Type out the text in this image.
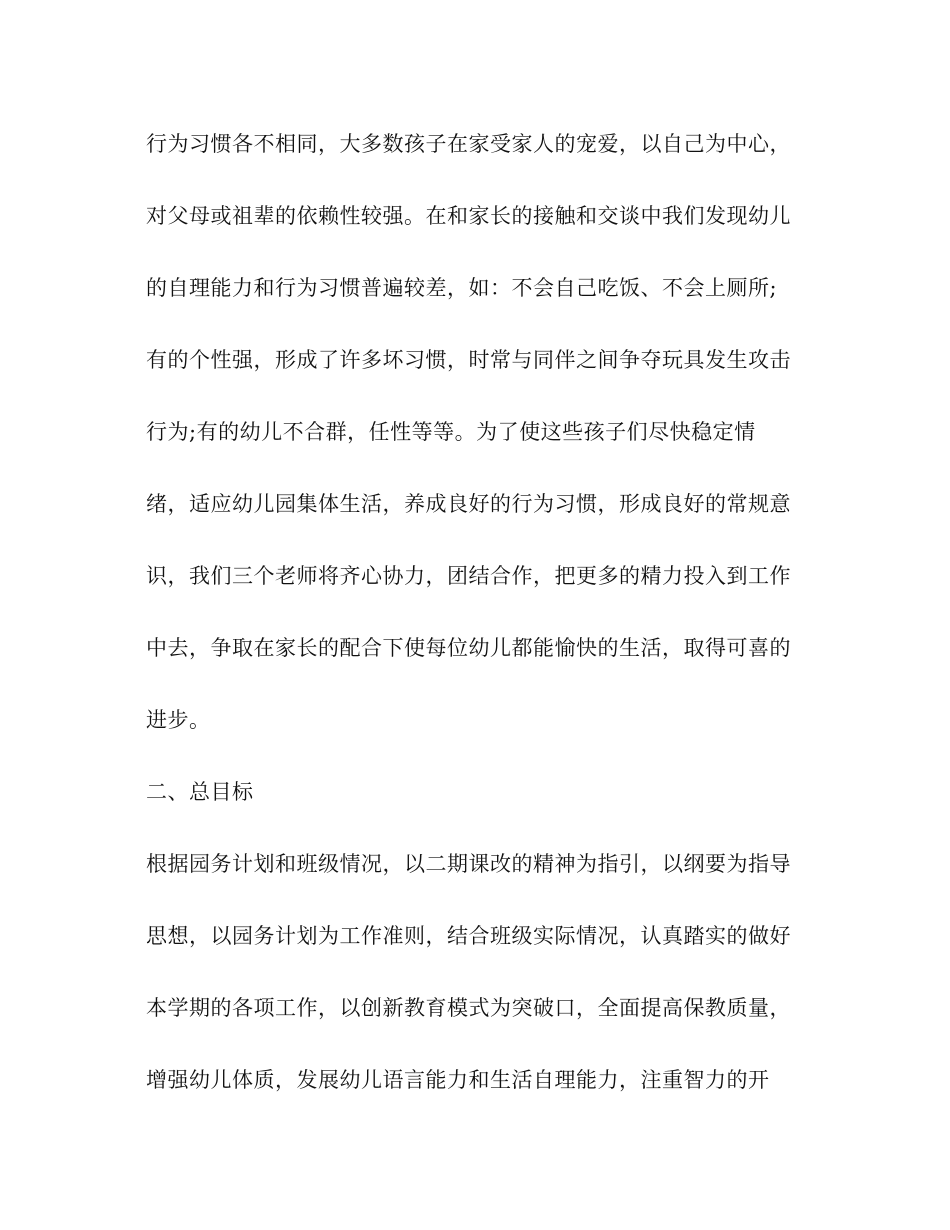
行为习惯各不相同，大多数孩子在家受家人的宠爱，以自己为中心，
对父母或祖辈的依赖性较强。在和家长的接触和交谈中我们发现幼儿
的自理能力和行为习惯普遍较差，如：不会自己吃饭、不会上厕所;
有的个性强，形成了许多坏习惯，时常与同伴之间争夺玩具发生攻击
行为;有的幼儿不合群，任性等等。为了使这些孩子们尽快稳定情
绪，适应幼儿园集体生活，养成良好的行为习惯，形成良好的常规意
识，我们三个老师将齐心协力，团结合作，把更多的精力投入到工作
中去，争取在家长的配合下使每位幼儿都能愉快的生活，取得可喜的
进步。
二、总目标
根据园务计划和班级情况，以二期课改的精神为指引，以纲要为指导
思想，以园务计划为工作准则，结合班级实际情况，认真踏实的做好
本学期的各项工作，以创新教育模式为突破口，全面提高保教质量，
增强幼儿体质，发展幼儿语言能力和生活自理能力，注重智力的开
